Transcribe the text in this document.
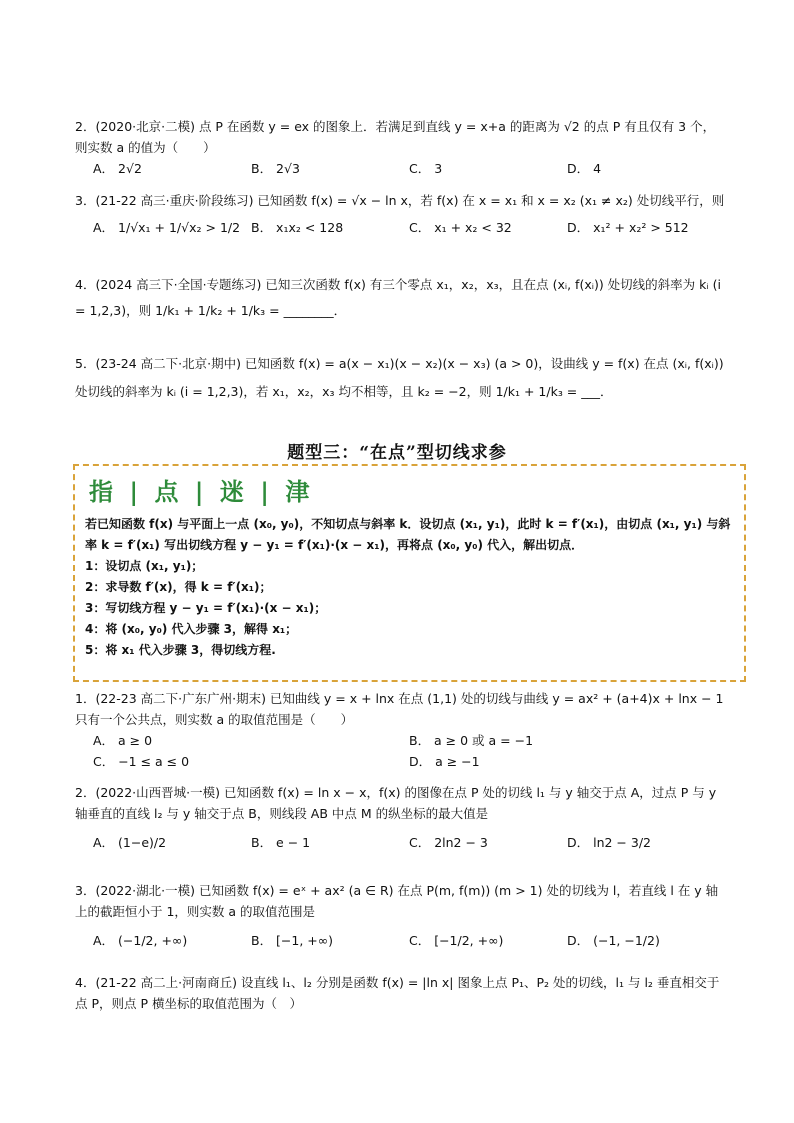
2．(2020·北京·二模) 点 P 在函数 y = ex 的图象上．若满足到直线 y = x+a 的距离为 √2 的点 P 有且仅有 3 个，则实数 a 的值为（　　）
A． 2√2	B． 2√3	C． 3	D． 4
3．(21-22 高三·重庆·阶段练习) 已知函数 f(x) = √x − ln x，若 f(x) 在 x = x₁ 和 x = x₂ (x₁ ≠ x₂) 处切线平行，则
A． 1/√x₁ + 1/√x₂ > 1/2 B． x₁x₂ < 128	C． x₁ + x₂ < 32	D． x₁² + x₂² > 512
4．(2024 高三下·全国·专题练习) 已知三次函数 f(x) 有三个零点 x₁，x₂，x₃，且在点 (xᵢ, f(xᵢ)) 处切线的斜率为 kᵢ (i = 1,2,3)，则 1/k₁ + 1/k₂ + 1/k₃ = ________．
5．(23-24 高二下·北京·期中) 已知函数 f(x) = a(x − x₁)(x − x₂)(x − x₃) (a > 0)，设曲线 y = f(x) 在点 (xᵢ, f(xᵢ)) 处切线的斜率为 kᵢ (i = 1,2,3)，若 x₁，x₂，x₃ 均不相等，且 k₂ = −2，则 1/k₁ + 1/k₃ = ___．
题型三：“在点”型切线求参
指 | 点 | 迷 | 津
若已知函数 f(x) 与平面上一点 (x₀, y₀)，不知切点与斜率 k．设切点 (x₁, y₁)，此时 k = f′(x₁)，由切点 (x₁, y₁) 与斜率 k = f′(x₁) 写出切线方程 y − y₁ = f′(x₁)·(x − x₁)，再将点 (x₀, y₀) 代入，解出切点．
1：设切点 (x₁, y₁)；
2：求导数 f′(x)，得 k = f′(x₁)；
3：写切线方程 y − y₁ = f′(x₁)·(x − x₁)；
4：将 (x₀, y₀) 代入步骤 3，解得 x₁；
5：将 x₁ 代入步骤 3，得切线方程.
1．(22-23 高二下·广东广州·期末) 已知曲线 y = x + lnx 在点 (1,1) 处的切线与曲线 y = ax² + (a+4)x + lnx − 1 只有一个公共点，则实数 a 的取值范围是（　　）
A． a ≥ 0	B． a ≥ 0 或 a = −1
C． −1 ≤ a ≤ 0	D． a ≥ −1
2．(2022·山西晋城·一模) 已知函数 f(x) = ln x − x，f(x) 的图像在点 P 处的切线 l₁ 与 y 轴交于点 A，过点 P 与 y 轴垂直的直线 l₂ 与 y 轴交于点 B，则线段 AB 中点 M 的纵坐标的最大值是
A． (1−e)/2	B． e − 1	C． 2ln2 − 3	D． ln2 − 3/2
3．(2022·湖北·一模) 已知函数 f(x) = eˣ + ax² (a ∈ R) 在点 P(m, f(m)) (m > 1) 处的切线为 l，若直线 l 在 y 轴上的截距恒小于 1，则实数 a 的取值范围是
A． (−1/2, +∞)	B． [−1, +∞)	C． [−1/2, +∞)	D． (−1, −1/2)
4．(21-22 高二上·河南商丘) 设直线 l₁、l₂ 分别是函数 f(x) = |ln x| 图象上点 P₁、P₂ 处的切线，l₁ 与 l₂ 垂直相交于点 P，则点 P 横坐标的取值范围为（　）
